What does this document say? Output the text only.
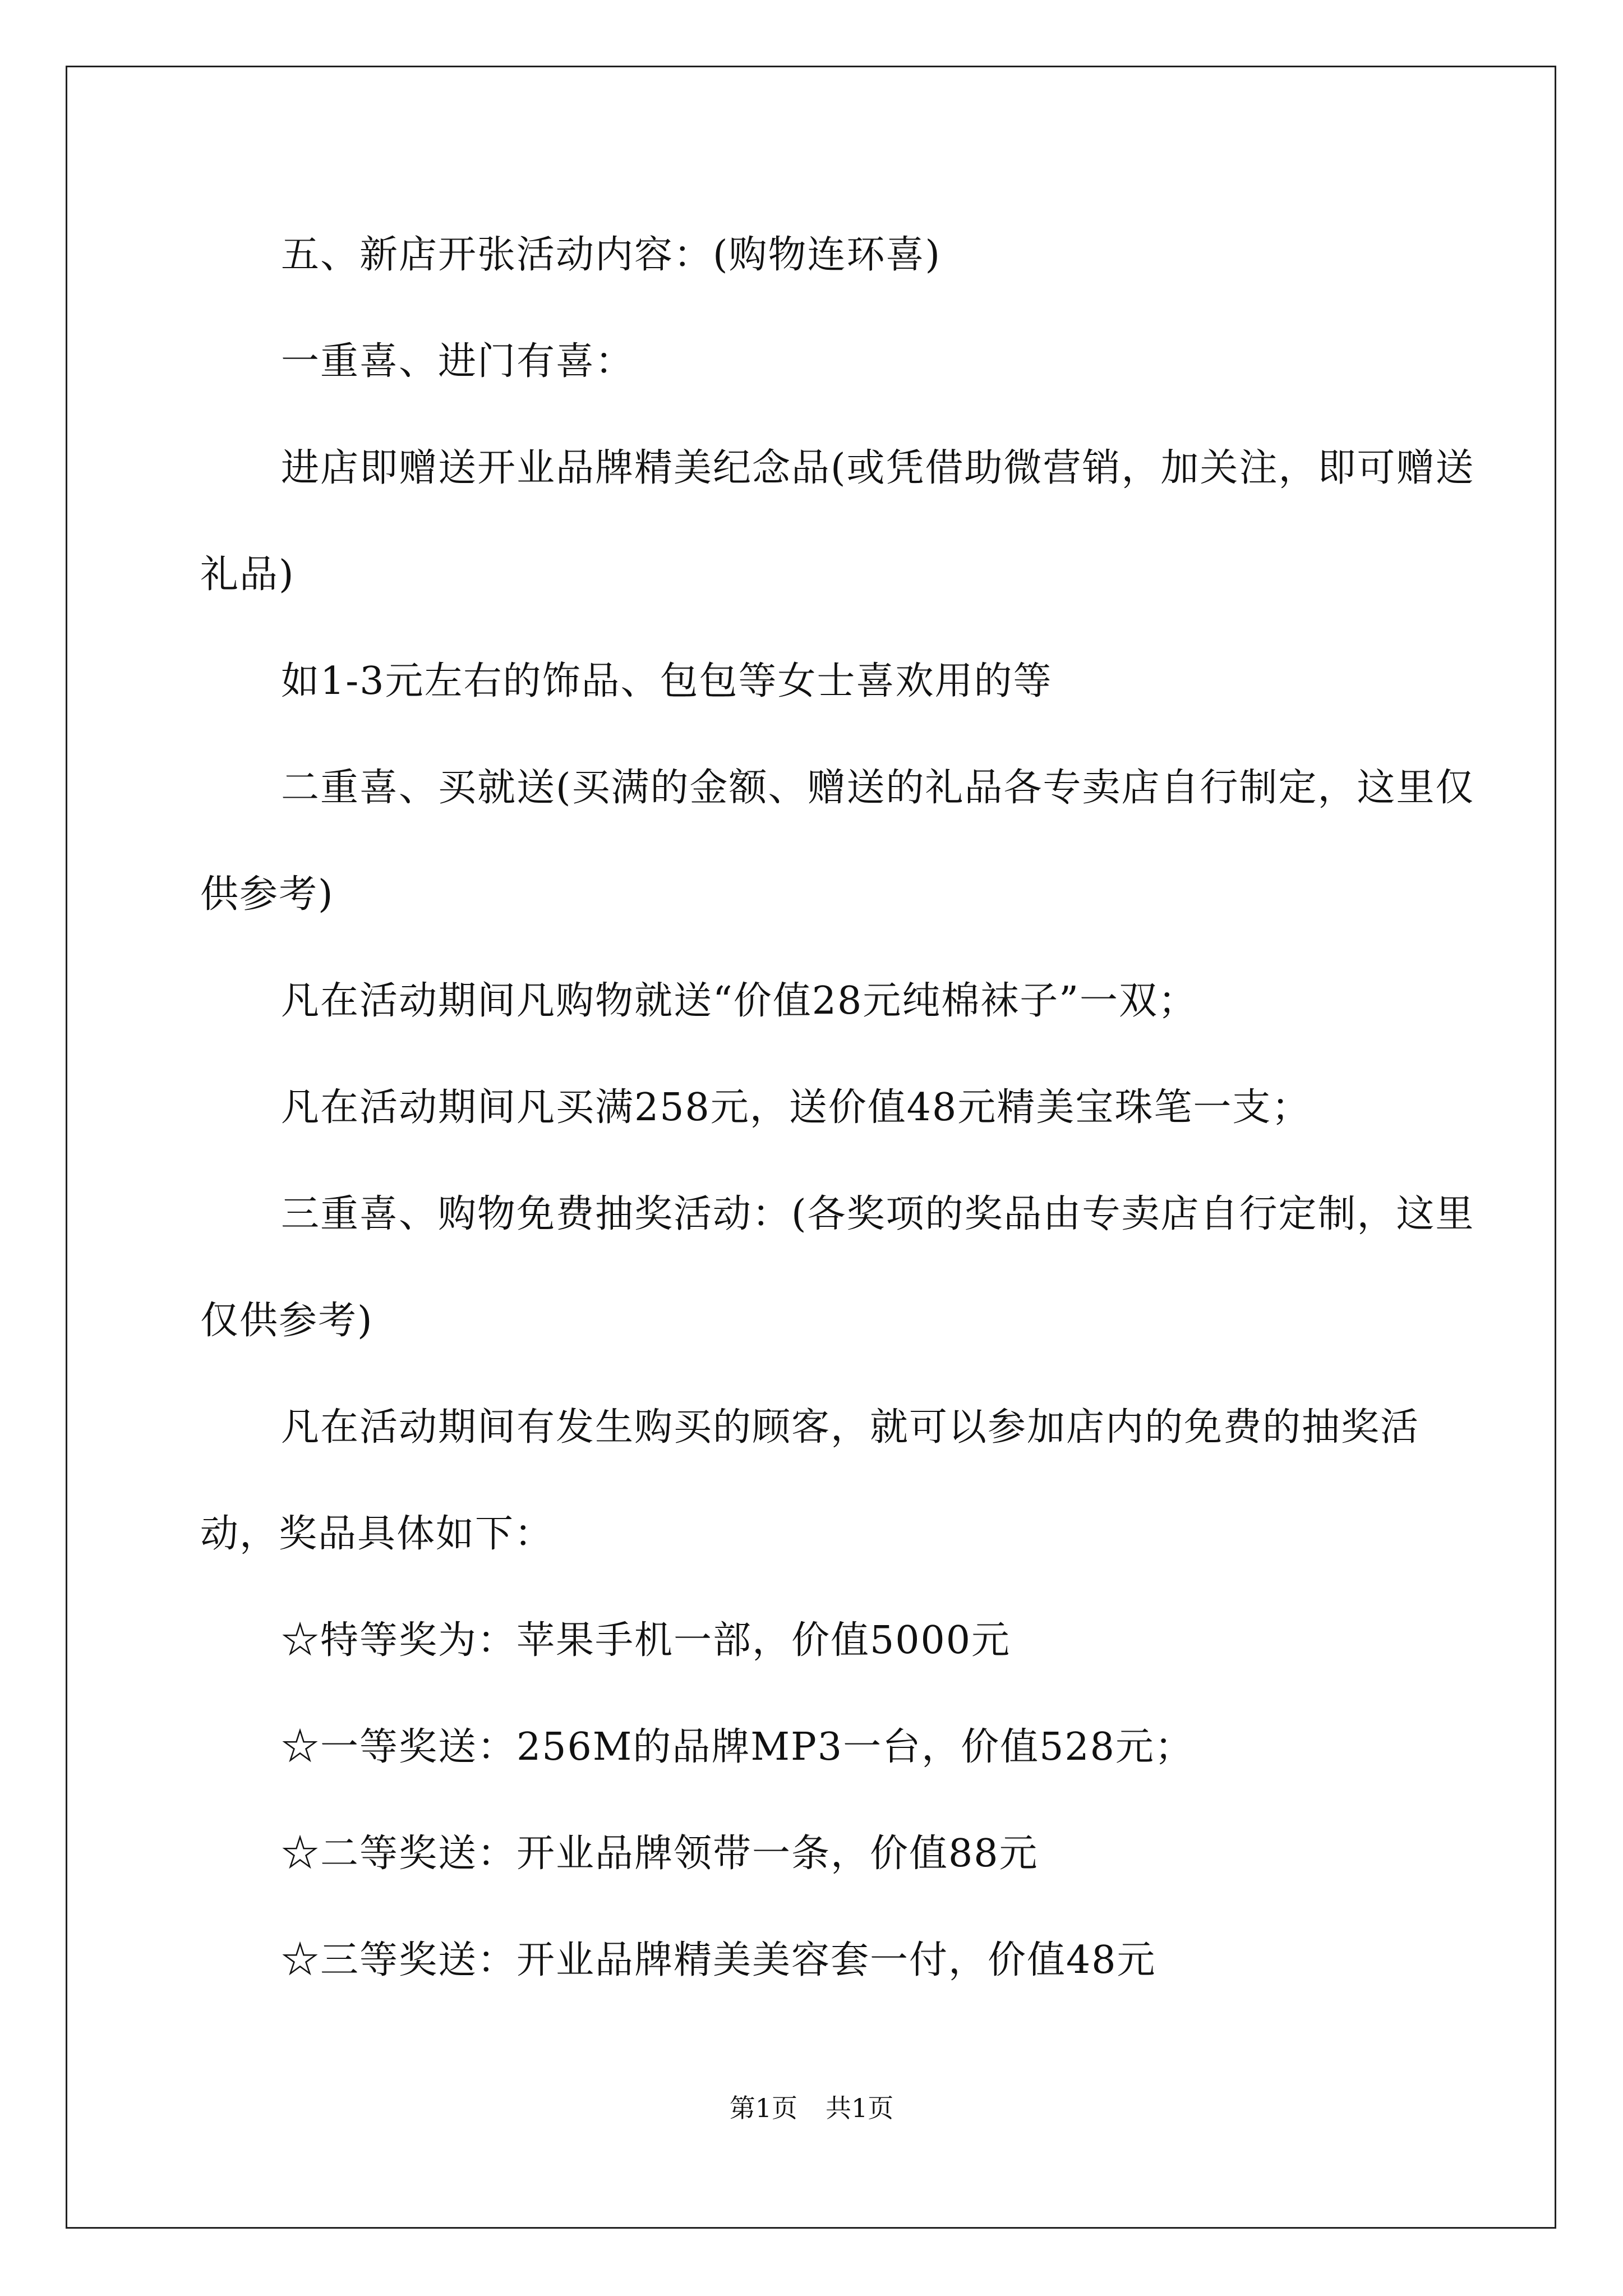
五、新店开张活动内容：(购物连环喜)

一重喜、进门有喜：

进店即赠送开业品牌精美纪念品(或凭借助微营销，加关注，即可赠送礼品)

如1-3元左右的饰品、包包等女士喜欢用的等

二重喜、买就送(买满的金额、赠送的礼品各专卖店自行制定，这里仅供参考)

凡在活动期间凡购物就送“价值28元纯棉袜子”一双；

凡在活动期间凡买满258元，送价值48元精美宝珠笔一支；

三重喜、购物免费抽奖活动：(各奖项的奖品由专卖店自行定制，这里仅供参考)

凡在活动期间有发生购买的顾客，就可以参加店内的免费的抽奖活动，奖品具体如下：

☆特等奖为：苹果手机一部，价值5000元

☆一等奖送：256M的品牌MP3一台，价值528元；

☆二等奖送：开业品牌领带一条，价值88元

☆三等奖送：开业品牌精美美容套一付，价值48元

第1页 共1页
